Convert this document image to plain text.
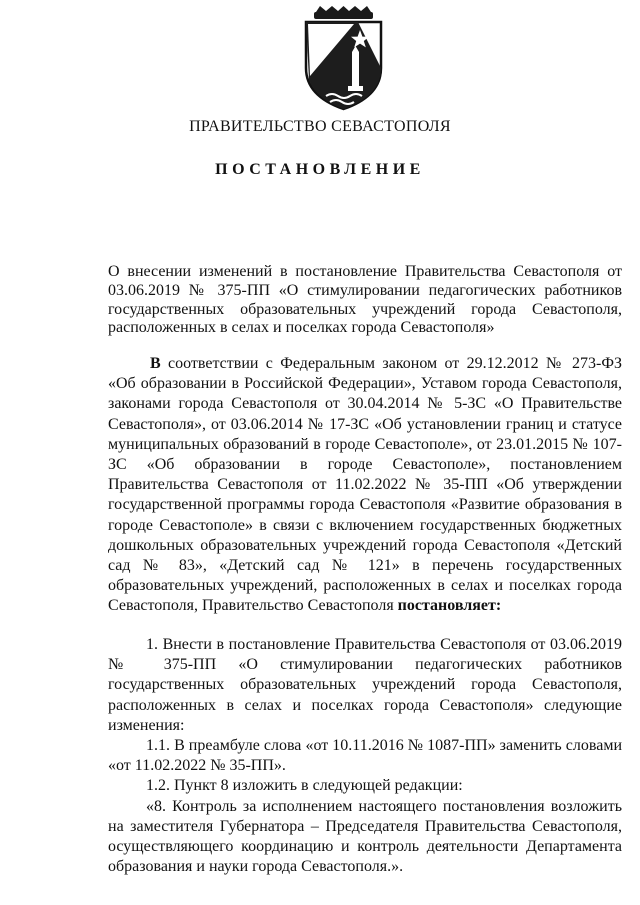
ПРАВИТЕЛЬСТВО СЕВАСТОПОЛЯ
ПОСТАНОВЛЕНИЕ
О внесении изменений в постановление Правительства Севастополя от 03.06.2019 № 375-ПП «О стимулировании педагогических работников государственных образовательных учреждений города Севастополя, расположенных в селах и поселках города Севастополя»

В соответствии с Федеральным законом от 29.12.2012 № 273-ФЗ «Об образовании в Российской Федерации», Уставом города Севастополя, законами города Севастополя от 30.04.2014 № 5-ЗС «О Правительстве Севастополя», от 03.06.2014 № 17-ЗС «Об установлении границ и статусе муниципальных образований в городе Севастополе», от 23.01.2015 № 107-ЗС «Об образовании в городе Севастополе», постановлением Правительства Севастополя от 11.02.2022 № 35-ПП «Об утверждении государственной программы города Севастополя «Развитие образования в городе Севастополе» в связи с включением государственных бюджетных дошкольных образовательных учреждений города Севастополя «Детский сад № 83», «Детский сад № 121» в перечень государственных образовательных учреждений, расположенных в селах и поселках города Севастополя, Правительство Севастополя постановляет:

1. Внести в постановление Правительства Севастополя от 03.06.2019 № 375-ПП «О стимулировании педагогических работников государственных образовательных учреждений города Севастополя, расположенных в селах и поселках города Севастополя» следующие изменения:

1.1. В преамбуле слова «от 10.11.2016 № 1087-ПП» заменить словами «от 11.02.2022 № 35-ПП».

1.2. Пункт 8 изложить в следующей редакции:

«8. Контроль за исполнением настоящего постановления возложить на заместителя Губернатора – Председателя Правительства Севастополя, осуществляющего координацию и контроль деятельности Департамента образования и науки города Севастополя.».
